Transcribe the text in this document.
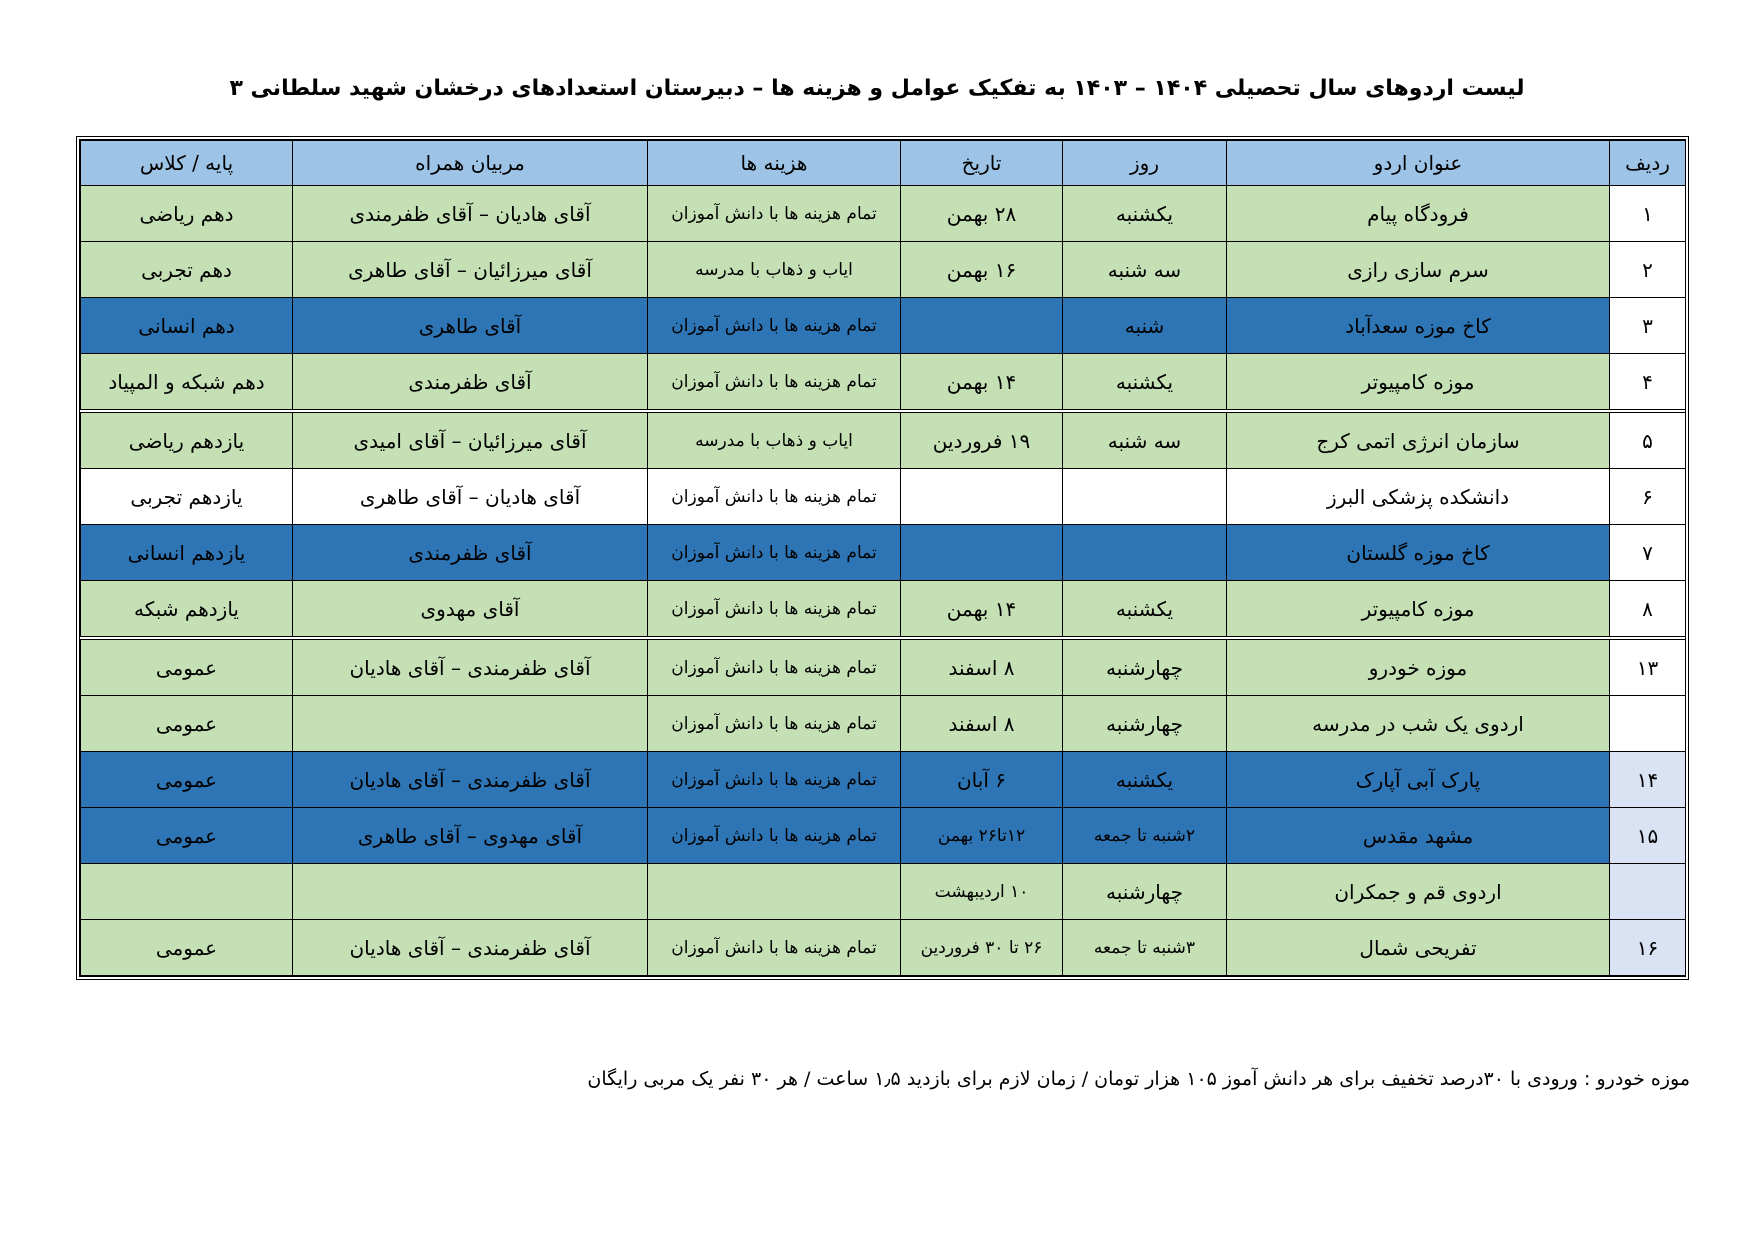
لیست اردوهای سال تحصیلی ۱۴۰۴ – ۱۴۰۳ به تفکیک عوامل و هزینه ها – دبیرستان استعدادهای درخشان شهید سلطانی ۳
ردیف	عنوان اردو	روز	تاریخ	هزینه ها	مربیان همراه	پایه / کلاس
۱	فرودگاه پیام	یکشنبه	۲۸ بهمن	تمام هزینه ها با دانش آموزان	آقای هادیان – آقای ظفرمندی	دهم ریاضی
۲	سرم سازی رازی	سه شنبه	۱۶ بهمن	ایاب و ذهاب با مدرسه	آقای میرزائیان – آقای طاهری	دهم تجربی
۳	کاخ موزه سعدآباد	شنبه		تمام هزینه ها با دانش آموزان	آقای طاهری	دهم انسانی
۴	موزه کامپیوتر	یکشنبه	۱۴ بهمن	تمام هزینه ها با دانش آموزان	آقای ظفرمندی	دهم شبکه و المپیاد
۵	سازمان انرژی اتمی کرج	سه شنبه	۱۹ فروردین	ایاب و ذهاب با مدرسه	آقای میرزائیان – آقای امیدی	یازدهم ریاضی
۶	دانشکده پزشکی البرز			تمام هزینه ها با دانش آموزان	آقای هادیان – آقای طاهری	یازدهم تجربی
۷	کاخ موزه گلستان			تمام هزینه ها با دانش آموزان	آقای ظفرمندی	یازدهم انسانی
۸	موزه کامپیوتر	یکشنبه	۱۴ بهمن	تمام هزینه ها با دانش آموزان	آقای مهدوی	یازدهم شبکه
۱۳	موزه خودرو	چهارشنبه	۸ اسفند	تمام هزینه ها با دانش آموزان	آقای ظفرمندی – آقای هادیان	عمومی
	اردوی یک شب در مدرسه	چهارشنبه	۸ اسفند	تمام هزینه ها با دانش آموزان		عمومی
۱۴	پارک آبی آپارک	یکشنبه	۶ آبان	تمام هزینه ها با دانش آموزان	آقای ظفرمندی – آقای هادیان	عمومی
۱۵	مشهد مقدس	۲شنبه تا جمعه	۱۲تا۲۶ بهمن	تمام هزینه ها با دانش آموزان	آقای مهدوی – آقای طاهری	عمومی
	اردوی قم و جمکران	چهارشنبه	۱۰ اردیبهشت			
۱۶	تفریحی شمال	۳شنبه تا جمعه	۲۶ تا ۳۰ فروردین	تمام هزینه ها با دانش آموزان	آقای ظفرمندی – آقای هادیان	عمومی
موزه خودرو : ورودی با ۳۰درصد تخفیف برای هر دانش آموز ۱۰۵ هزار تومان / زمان لازم برای بازدید ۱٫۵ ساعت / هر ۳۰ نفر یک مربی رایگان
